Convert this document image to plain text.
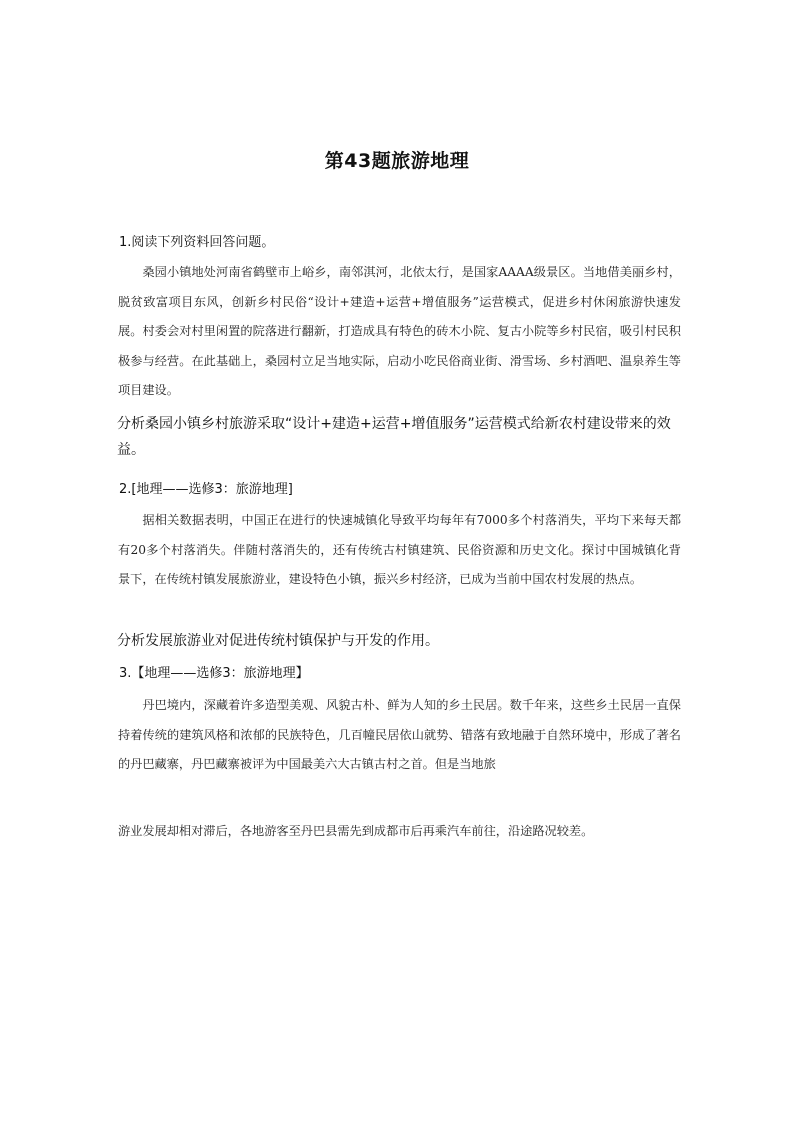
第43题旅游地理
1.阅读下列资料回答问题。
桑园小镇地处河南省鹤壁市上峪乡，南邻淇河，北依太行，是国家AAAA级景区。当地借美丽乡村，脱贫致富项目东风，创新乡村民俗“设计+建造+运营+增值服务”运营模式，促进乡村休闲旅游快速发展。村委会对村里闲置的院落进行翻新，打造成具有特色的砖木小院、复古小院等乡村民宿，吸引村民积极参与经营。在此基础上，桑园村立足当地实际，启动小吃民俗商业街、滑雪场、乡村酒吧、温泉养生等项目建设。
分析桑园小镇乡村旅游采取“设计+建造+运营+增值服务”运营模式给新农村建设带来的效益。
2.[地理——选修3：旅游地理]
据相关数据表明，中国正在进行的快速城镇化导致平均每年有7000多个村落消失，平均下来每天都有20多个村落消失。伴随村落消失的，还有传统古村镇建筑、民俗资源和历史文化。探讨中国城镇化背景下，在传统村镇发展旅游业，建设特色小镇，振兴乡村经济，已成为当前中国农村发展的热点。
分析发展旅游业对促进传统村镇保护与开发的作用。
3.【地理——选修3：旅游地理】
丹巴境内，深藏着许多造型美观、风貌古朴、鲜为人知的乡土民居。数千年来，这些乡土民居一直保持着传统的建筑风格和浓郁的民族特色，几百幢民居依山就势、错落有致地融于自然环境中，形成了著名的丹巴藏寨，丹巴藏寨被评为中国最美六大古镇古村之首。但是当地旅
游业发展却相对滞后，各地游客至丹巴县需先到成都市后再乘汽车前往，沿途路况较差。
